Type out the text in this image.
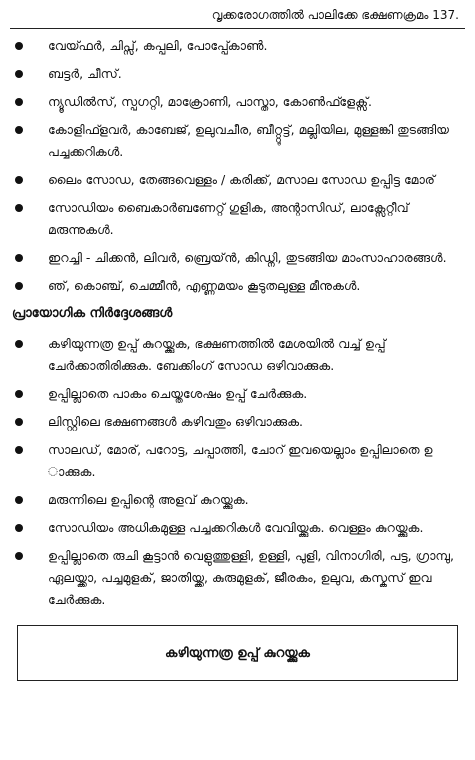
വൃക്കരോഗത്തിൽ പാലിക്കേ ഭക്ഷണക്രമം 137.
വേയ്ഫർ, ചിപ്സ്, കപ്പലി, പോപ്പ്കോൺ.
ബട്ടർ, ചീസ്.
ന്യൂഡിൽസ്, സ്പഗറ്റി, മാക്രോണി, പാസ്താ, കോൺഫ്ളേക്സ്.
കോളിഫ്ളവർ, കാബേജ്, ഉലുവചീര, ബീറ്റ്റൂട്ട്, മല്ലിയില, മുള്ളങ്കി തുടങ്ങിയ പച്ചക്കറികൾ.
ലൈം സോഡ, തേങ്ങവെള്ളം / കരിക്ക്, മസാല സോഡ ഉപ്പിട്ട മോര്
സോഡിയം ബൈകാർബണേറ്റ് ഗുളിക, അന്റാസിഡ്, ലാക്സേറ്റീവ് മരുന്നുകൾ.
ഇറച്ചി - ചിക്കൻ, ലിവർ, ബ്രെയ്ൻ, കിഡ്നി, തുടങ്ങിയ മാംസാഹാരങ്ങൾ.
ഞ്, കൊഞ്ച്, ചെമ്മീൻ, എണ്ണമയം കൂടുതലുള്ള മീനുകൾ.
പ്രായോഗിക നിർദ്ദേശങ്ങൾ
കഴിയുന്നത്ര ഉപ്പ് കുറയ്ക്കുക, ഭക്ഷണത്തിൽ മേശയിൽ വച്ച് ഉപ്പ് ചേർക്കാതിരിക്കുക. ബേക്കിംഗ് സോഡ ഒഴിവാക്കുക.
ഉപ്പില്ലാതെ പാകം ചെയ്തശേഷം ഉപ്പ് ചേർക്കുക.
ലിസ്റ്റിലെ ഭക്ഷണങ്ങൾ കഴിവതും ഒഴിവാക്കുക.
സാലഡ്, മോര്, പറോട്ട, ചപ്പാത്തി, ചോറ് ഇവയെല്ലാം ഉപ്പിലാതെ ഉ ാക്കുക.
മരുന്നിലെ ഉപ്പിന്റെ അളവ് കുറയ്ക്കുക.
സോഡിയം അധികമുള്ള പച്ചക്കറികൾ വേവിയ്ക്കുക. വെള്ളം കുറയ്ക്കുക.
ഉപ്പില്ലാതെ രുചി കൂട്ടാൻ വെളുത്തുള്ളി, ഉള്ളി, പുളി, വിനാഗിരി, പട്ട, ഗ്രാമ്പു, ഏലയ്ക്കാ, പച്ചമുളക്, ജാതിയ്ക്ക, കുരുമുളക്, ജീരകം, ഉലുവ, കസ്കസ് ഇവ ചേർക്കുക.
കഴിയുന്നത്ര ഉപ്പ് കുറയ്ക്കുക
